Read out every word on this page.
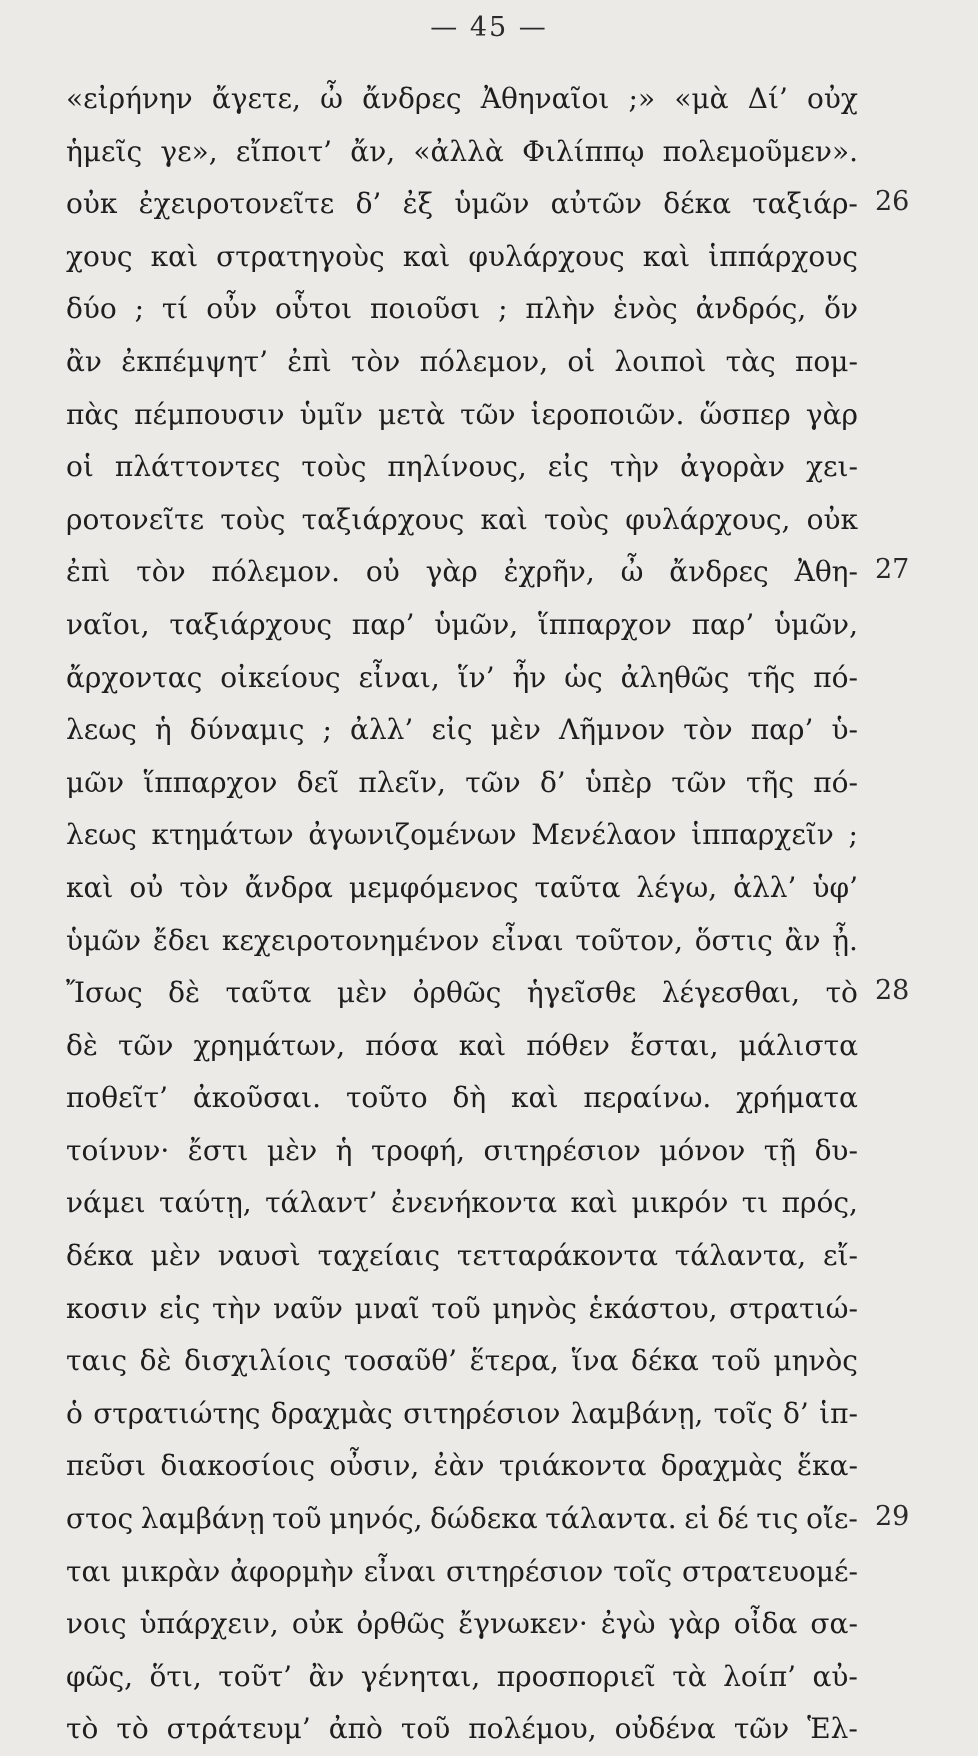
— 45 —
«εἰρήνην ἄγετε, ὦ ἄνδρες Ἀθηναῖοι ;» «μὰ Δί’ οὐχ
ἡμεῖς γε», εἴποιτ’ ἄν, «ἀλλὰ Φιλίππῳ πολεμοῦμεν».
οὐκ ἐχειροτονεῖτε δ’ ἐξ ὑμῶν αὐτῶν δέκα ταξιάρ-
χους καὶ στρατηγοὺς καὶ φυλάρχους καὶ ἱππάρχους
δύο ; τί οὖν οὗτοι ποιοῦσι ; πλὴν ἑνὸς ἀνδρός, ὅν
ἂν ἐκπέμψητ’ ἐπὶ τὸν πόλεμον, οἱ λοιποὶ τὰς πομ-
πὰς πέμπουσιν ὑμῖν μετὰ τῶν ἱεροποιῶν. ὥσπερ γὰρ
οἱ πλάττοντες τοὺς πηλίνους, εἰς τὴν ἀγορὰν χει-
ροτονεῖτε τοὺς ταξιάρχους καὶ τοὺς φυλάρχους, οὐκ
ἐπὶ τὸν πόλεμον. οὐ γὰρ ἐχρῆν, ὦ ἄνδρες Ἀθη-
ναῖοι, ταξιάρχους παρ’ ὑμῶν, ἵππαρχον παρ’ ὑμῶν,
ἄρχοντας οἰκείους εἶναι, ἵν’ ἦν ὡς ἀληθῶς τῆς πό-
λεως ἡ δύναμις ; ἀλλ’ εἰς μὲν Λῆμνον τὸν παρ’ ὑ-
μῶν ἵππαρχον δεῖ πλεῖν, τῶν δ’ ὑπὲρ τῶν τῆς πό-
λεως κτημάτων ἀγωνιζομένων Μενέλαον ἱππαρχεῖν ;
καὶ οὐ τὸν ἄνδρα μεμφόμενος ταῦτα λέγω, ἀλλ’ ὑφ’
ὑμῶν ἔδει κεχειροτονημένον εἶναι τοῦτον, ὅστις ἂν ᾖ.
Ἴσως δὲ ταῦτα μὲν ὀρθῶς ἡγεῖσθε λέγεσθαι, τὸ
δὲ τῶν χρημάτων, πόσα καὶ πόθεν ἔσται, μάλιστα
ποθεῖτ’ ἀκοῦσαι. τοῦτο δὴ καὶ περαίνω. χρήματα
τοίνυν· ἔστι μὲν ἡ τροφή, σιτηρέσιον μόνον τῇ δυ-
νάμει ταύτῃ, τάλαντ’ ἐνενήκοντα καὶ μικρόν τι πρός,
δέκα μὲν ναυσὶ ταχείαις τετταράκοντα τάλαντα, εἴ-
κοσιν εἰς τὴν ναῦν μναῖ τοῦ μηνὸς ἑκάστου, στρατιώ-
ταις δὲ δισχιλίοις τοσαῦθ’ ἕτερα, ἵνα δέκα τοῦ μηνὸς
ὁ στρατιώτης δραχμὰς σιτηρέσιον λαμβάνῃ, τοῖς δ’ ἱπ-
πεῦσι διακοσίοις οὖσιν, ἐὰν τριάκοντα δραχμὰς ἕκα-
στος λαμβάνῃ τοῦ μηνός, δώδεκα τάλαντα. εἰ δέ τις οἴε-
ται μικρὰν ἀφορμὴν εἶναι σιτηρέσιον τοῖς στρατευομέ-
νοις ὑπάρχειν, οὐκ ὀρθῶς ἔγνωκεν· ἐγὼ γὰρ οἶδα σα-
φῶς, ὅτι, τοῦτ’ ἂν γένηται, προσποριεῖ τὰ λοίπ’ αὐ-
τὸ τὸ στράτευμ’ ἀπὸ τοῦ πολέμου, οὐδένα τῶν Ἑλ-
26
27
28
29
